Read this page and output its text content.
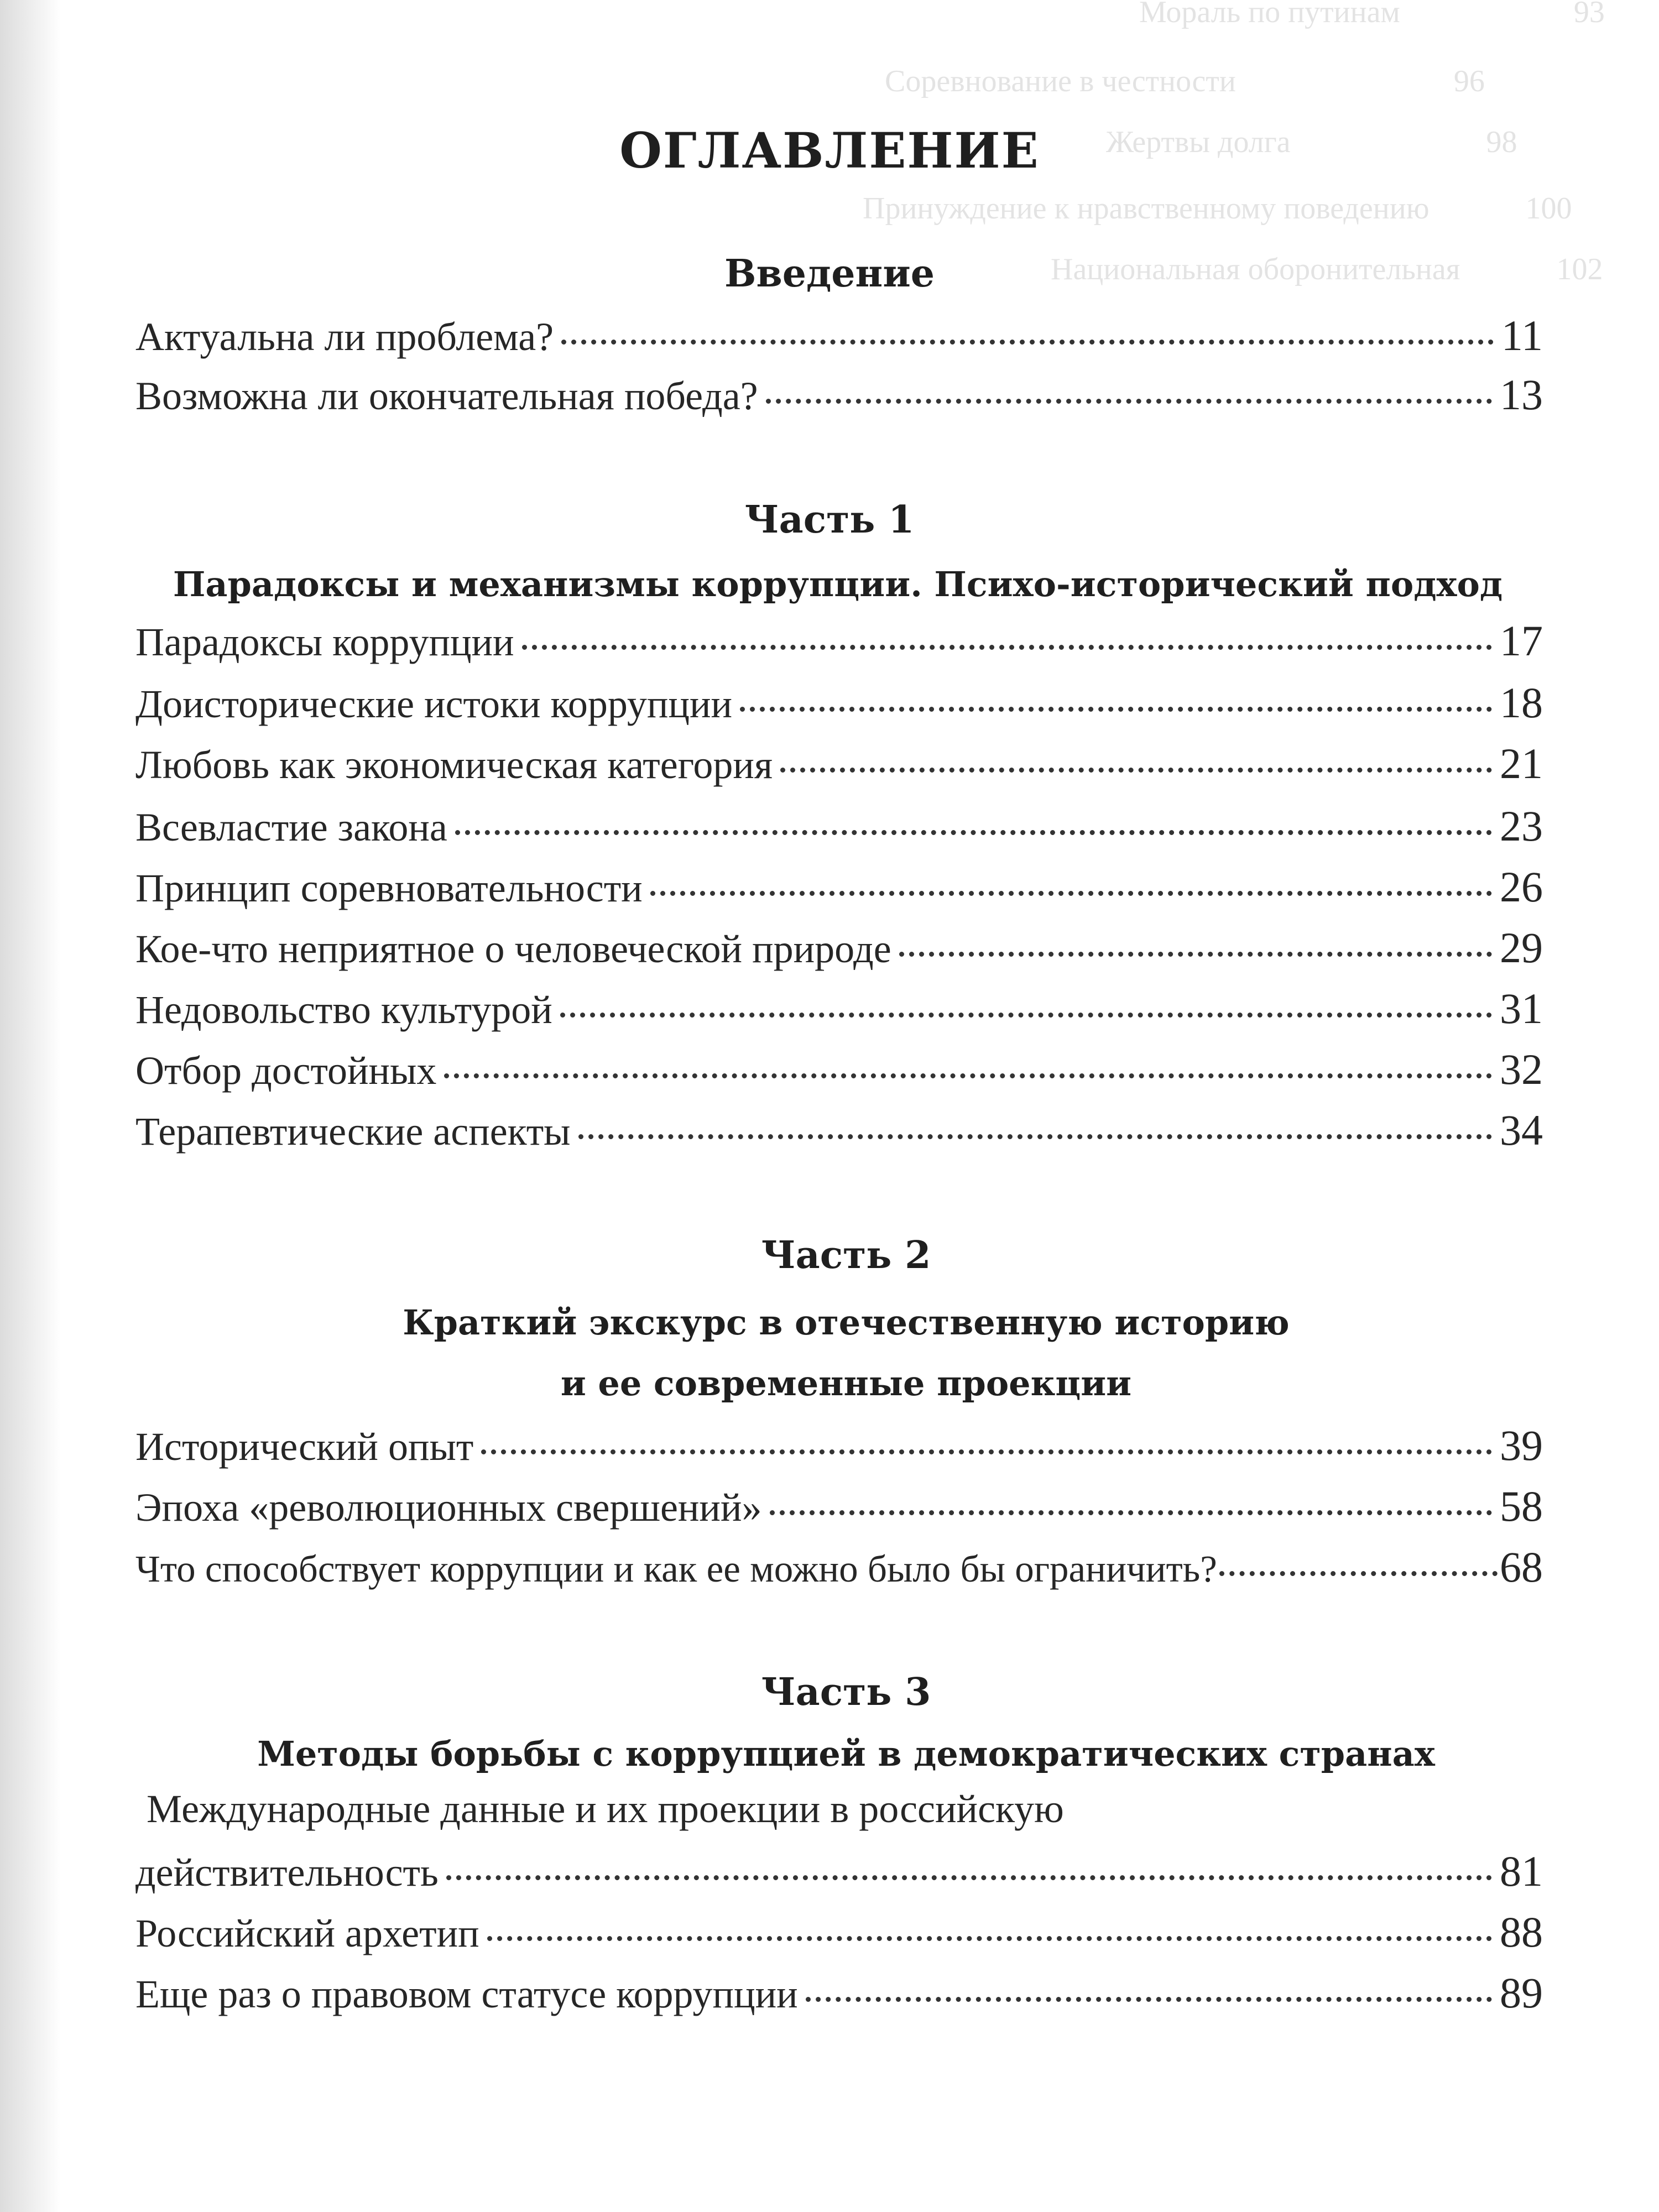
Мораль по путинам	93
Соревнование в честности	96
Жертвы долга	98
Принуждение к нравственному поведению	100
Национальная оборонительная	102
ОГЛАВЛЕНИЕ
Введение
Актуальна ли проблема?	11
Возможна ли окончательная победа?	13
Часть 1
Парадоксы и механизмы коррупции. Психо-исторический подход
Парадоксы коррупции	17
Доисторические истоки коррупции	18
Любовь как экономическая категория	21
Всевластие закона	23
Принцип соревновательности	26
Кое-что неприятное о человеческой природе	29
Недовольство культурой	31
Отбор достойных	32
Терапевтические аспекты	34
Часть 2
Краткий экскурс в отечественную историю
и ее современные проекции
Исторический опыт	39
Эпоха «революционных свершений»	58
Что способствует коррупции и как ее можно было бы ограничить?	68
Часть 3
Методы борьбы с коррупцией в демократических странах
Международные данные и их проекции в российскую
действительность	81
Российский архетип	88
Еще раз о правовом статусе коррупции	89
